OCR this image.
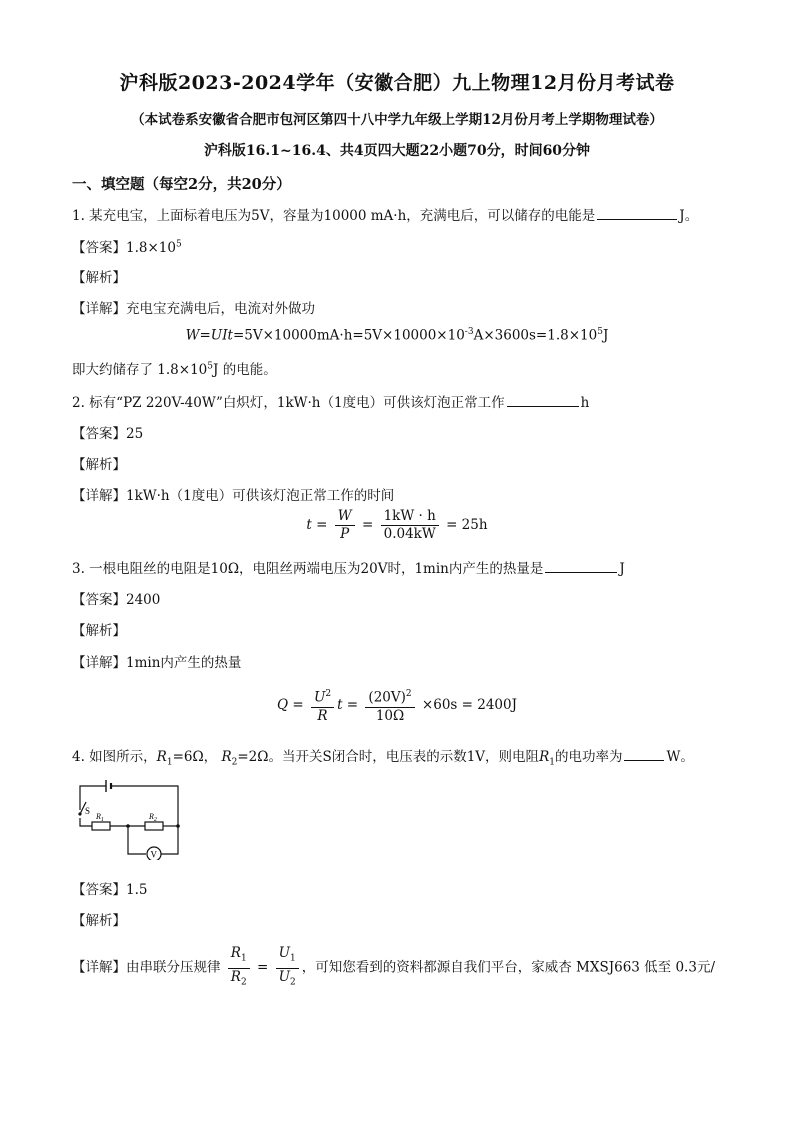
沪科版2023-2024学年（安徽合肥）九上物理12月份月考试卷
（本试卷系安徽省合肥市包河区第四十八中学九年级上学期12月份月考上学期物理试卷）
沪科版16.1~16.4、共4页四大题22小题70分，时间60分钟
一、填空题（每空2分，共20分）
1. 某充电宝，上面标着电压为5V，容量为10000 mA·h，充满电后，可以储存的电能是	J。
【答案】$1.8\times 10^5$
【解析】
【详解】充电宝充满电后，电流对外做功
$W=UIt=5V\times 10000mA\cdot h=5V\times 10000\times 10^{-3}A\times 3600s=1.8\times 10^5J$
即大约储存了 $1.8\times 10^5J$ 的电能。
2. 标有“PZ 220V-40W”白炽灯，1kW·h（1度电）可供该灯泡正常工作	h
【答案】25
【解析】
【详解】1kW·h（1度电）可供该灯泡正常工作的时间
$t = \frac{W}{P} = \frac{1kW \cdot h}{0.04kW} = 25h$
3. 一根电阻丝的电阻是10Ω，电阻丝两端电压为20V时，1min内产生的热量是	J
【答案】2400
【解析】
【详解】1min内产生的热量
$Q = \frac{U^2}{R}$ $t = \frac{(20V)^2}{10\Omega} \times 60s = 2400J$
4. 如图所示，$R_1=6\Omega$， $R_2=2\Omega$。当开关S闭合时，电压表的示数1V，则电阻$R_1$的电功率为	W。
S
$R_1$	$R_2$
V
【答案】1.5
【解析】
【详解】由串联分压规律 $\frac{R_1}{R_2} = \frac{U_1}{U_2}$ ，可知您看到的资料都源自我们平台，家威杏 MXSJ663 低至 0.3元/
